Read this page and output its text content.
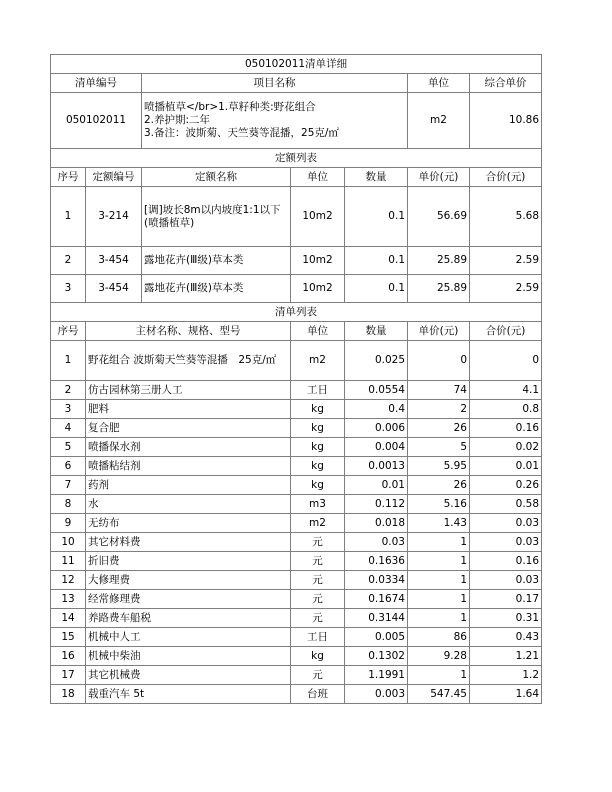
050102011清单详细						
清单编号		项目名称			单位	综合单价
050102011		喷播植草</br>1.草籽种类:野花组合
2.养护期:二年
3.备注：波斯菊、天竺葵等混播，25克/㎡			m2	10.86
定额列表						
序号	定额编号	定额名称	单位	数量	单价(元)	合价(元)
1	3-214	[调]坡长8m以内坡度1:1以下(喷播植草)	10m2	0.1	56.69	5.68
2	3-454	露地花卉(Ⅲ级)草本类	10m2	0.1	25.89	2.59
3	3-454	露地花卉(Ⅲ级)草本类	10m2	0.1	25.89	2.59
清单列表						
序号	主材名称、规格、型号		单位	数量	单价(元)	合价(元)
1	野花组合 波斯菊天竺葵等混播　25克/㎡		m2	0.025	0	0
2	仿古园林第三册人工		工日	0.0554	74	4.1
3	肥料		kg	0.4	2	0.8
4	复合肥		kg	0.006	26	0.16
5	喷播保水剂		kg	0.004	5	0.02
6	喷播粘结剂		kg	0.0013	5.95	0.01
7	药剂		kg	0.01	26	0.26
8	水		m3	0.112	5.16	0.58
9	无纺布		m2	0.018	1.43	0.03
10	其它材料费		元	0.03	1	0.03
11	折旧费		元	0.1636	1	0.16
12	大修理费		元	0.0334	1	0.03
13	经常修理费		元	0.1674	1	0.17
14	养路费车船税		元	0.3144	1	0.31
15	机械中人工		工日	0.005	86	0.43
16	机械中柴油		kg	0.1302	9.28	1.21
17	其它机械费		元	1.1991	1	1.2
18	载重汽车 5t		台班	0.003	547.45	1.64
